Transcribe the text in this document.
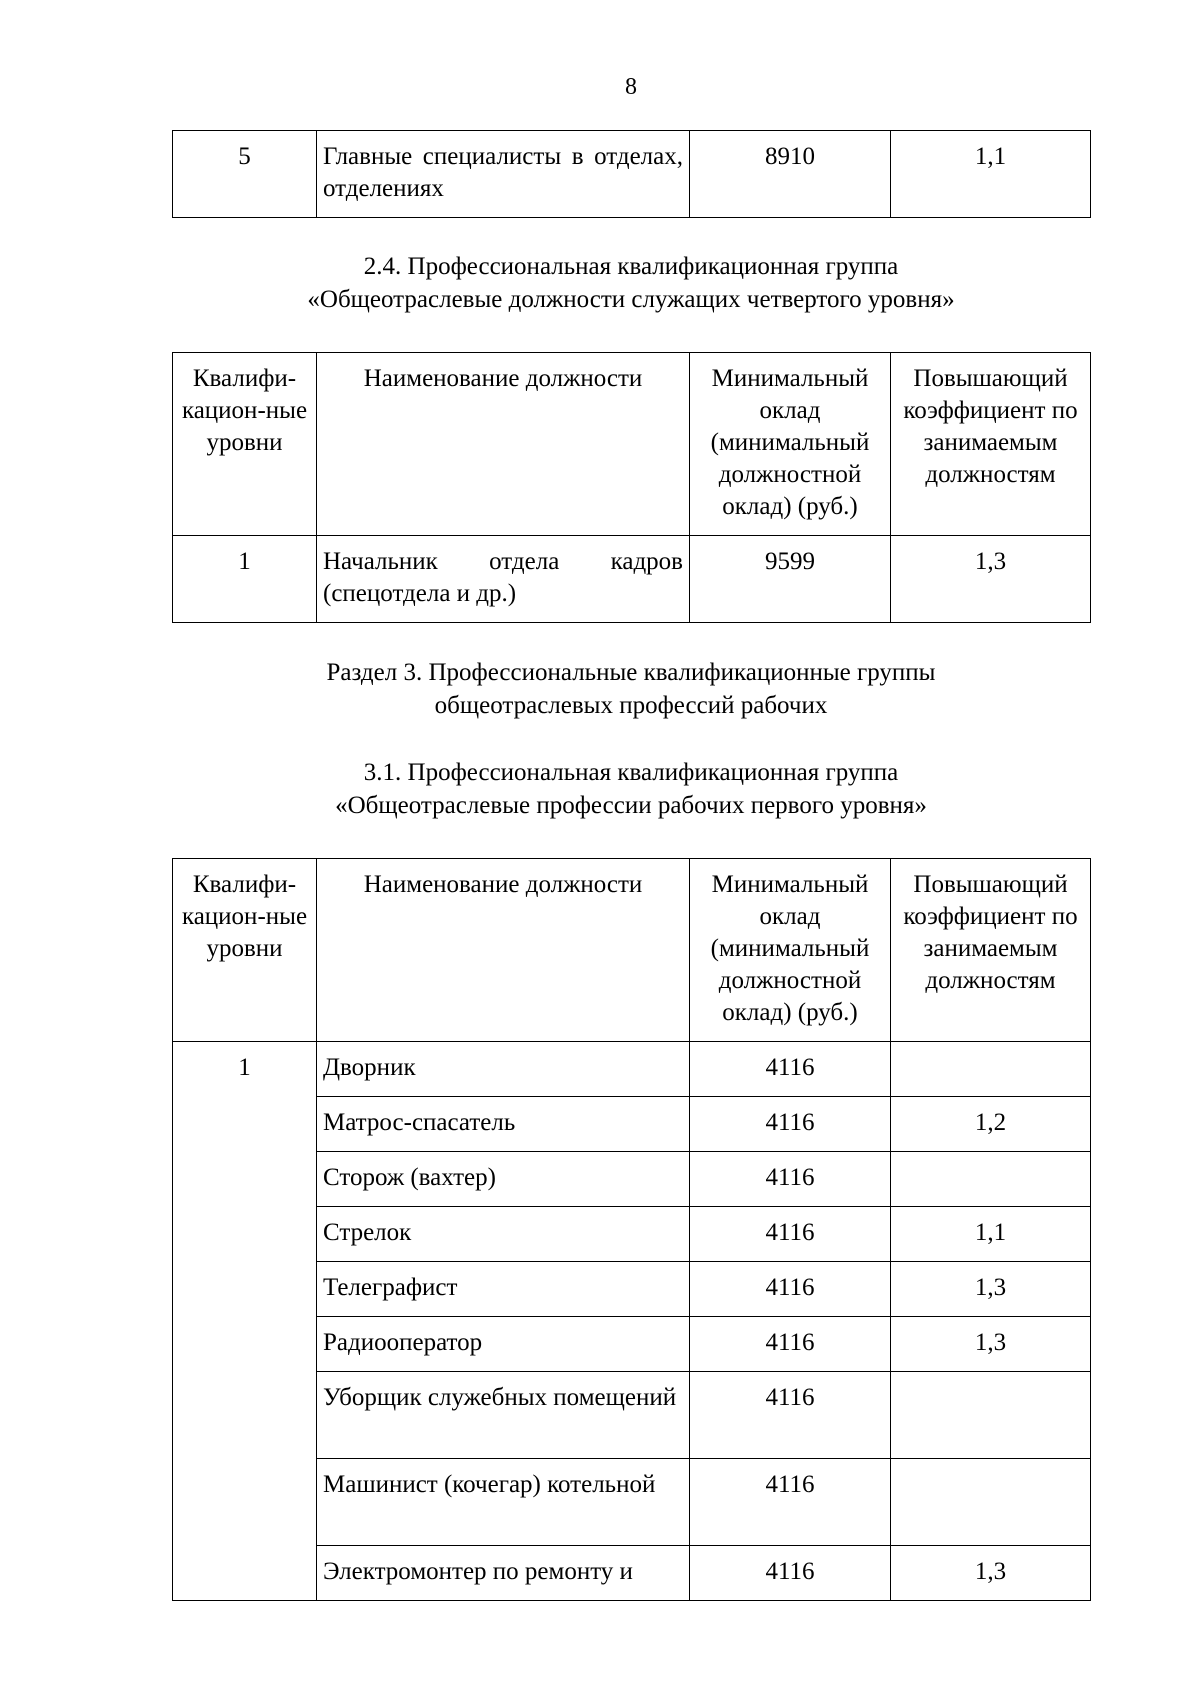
8
5	Главные специалисты в отделах, отделениях	8910	1,1
2.4. Профессиональная квалификационная группа
«Общеотраслевые должности служащих четвертого уровня»
Квалифи-кацион-ные уровни	Наименование должности	Минимальный оклад (минимальный должностной оклад) (руб.)	Повышающий коэффициент по занимаемым должностям
1	Начальник отдела кадров (спецотдела и др.)	9599	1,3
Раздел 3. Профессиональные квалификационные группы
общеотраслевых профессий рабочих
3.1. Профессиональная квалификационная группа
«Общеотраслевые профессии рабочих первого уровня»
Квалифи-кацион-ные уровни	Наименование должности	Минимальный оклад (минимальный должностной оклад) (руб.)	Повышающий коэффициент по занимаемым должностям
1	Дворник	4116	
	Матрос-спасатель	4116	1,2
	Сторож (вахтер)	4116	
	Стрелок	4116	1,1
	Телеграфист	4116	1,3
	Радиооператор	4116	1,3
	Уборщик служебных помещений	4116	
	Машинист (кочегар) котельной	4116	
	Электромонтер по ремонту и	4116	1,3
